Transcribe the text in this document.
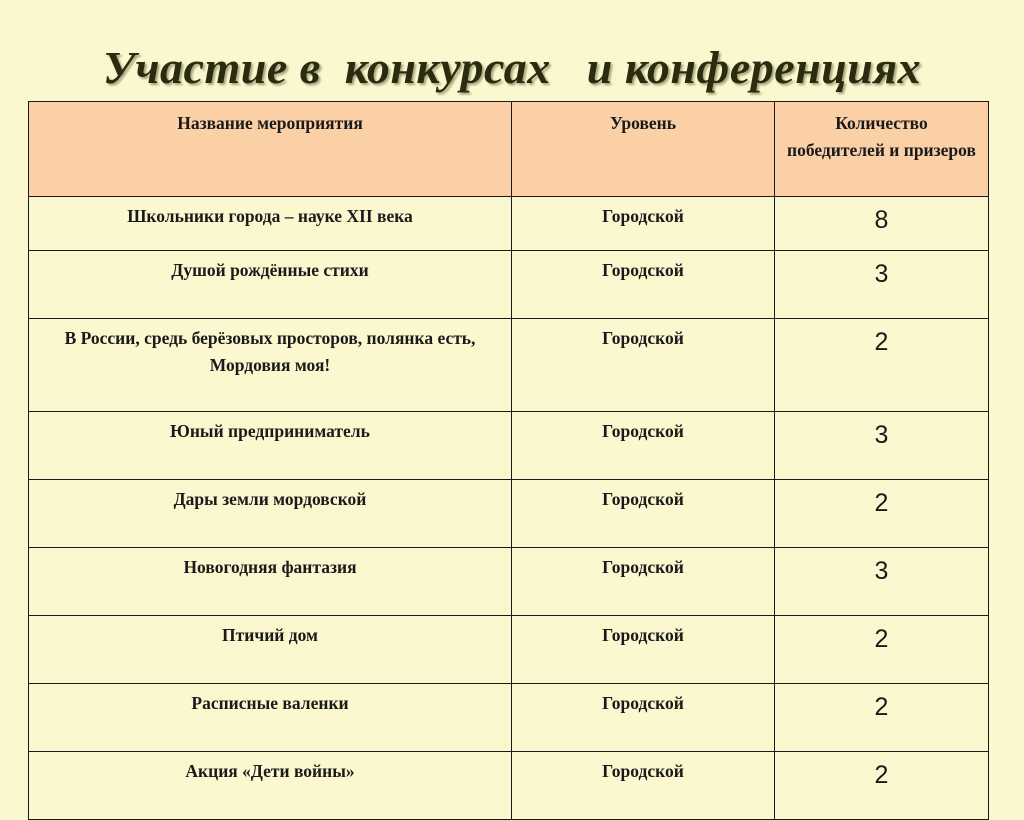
Участие в  конкурсах   и конференциях
Название мероприятия	Уровень	Количество победителей и призеров
Школьники города – науке XII века	Городской	8
Душой рождённые стихи	Городской	3
В России, средь берёзовых просторов, полянка есть, Мордовия моя!	Городской	2
Юный предприниматель	Городской	3
Дары земли мордовской	Городской	2
Новогодняя фантазия	Городской	3
Птичий дом	Городской	2
Расписные валенки	Городской	2
Акция «Дети войны»	Городской	2
